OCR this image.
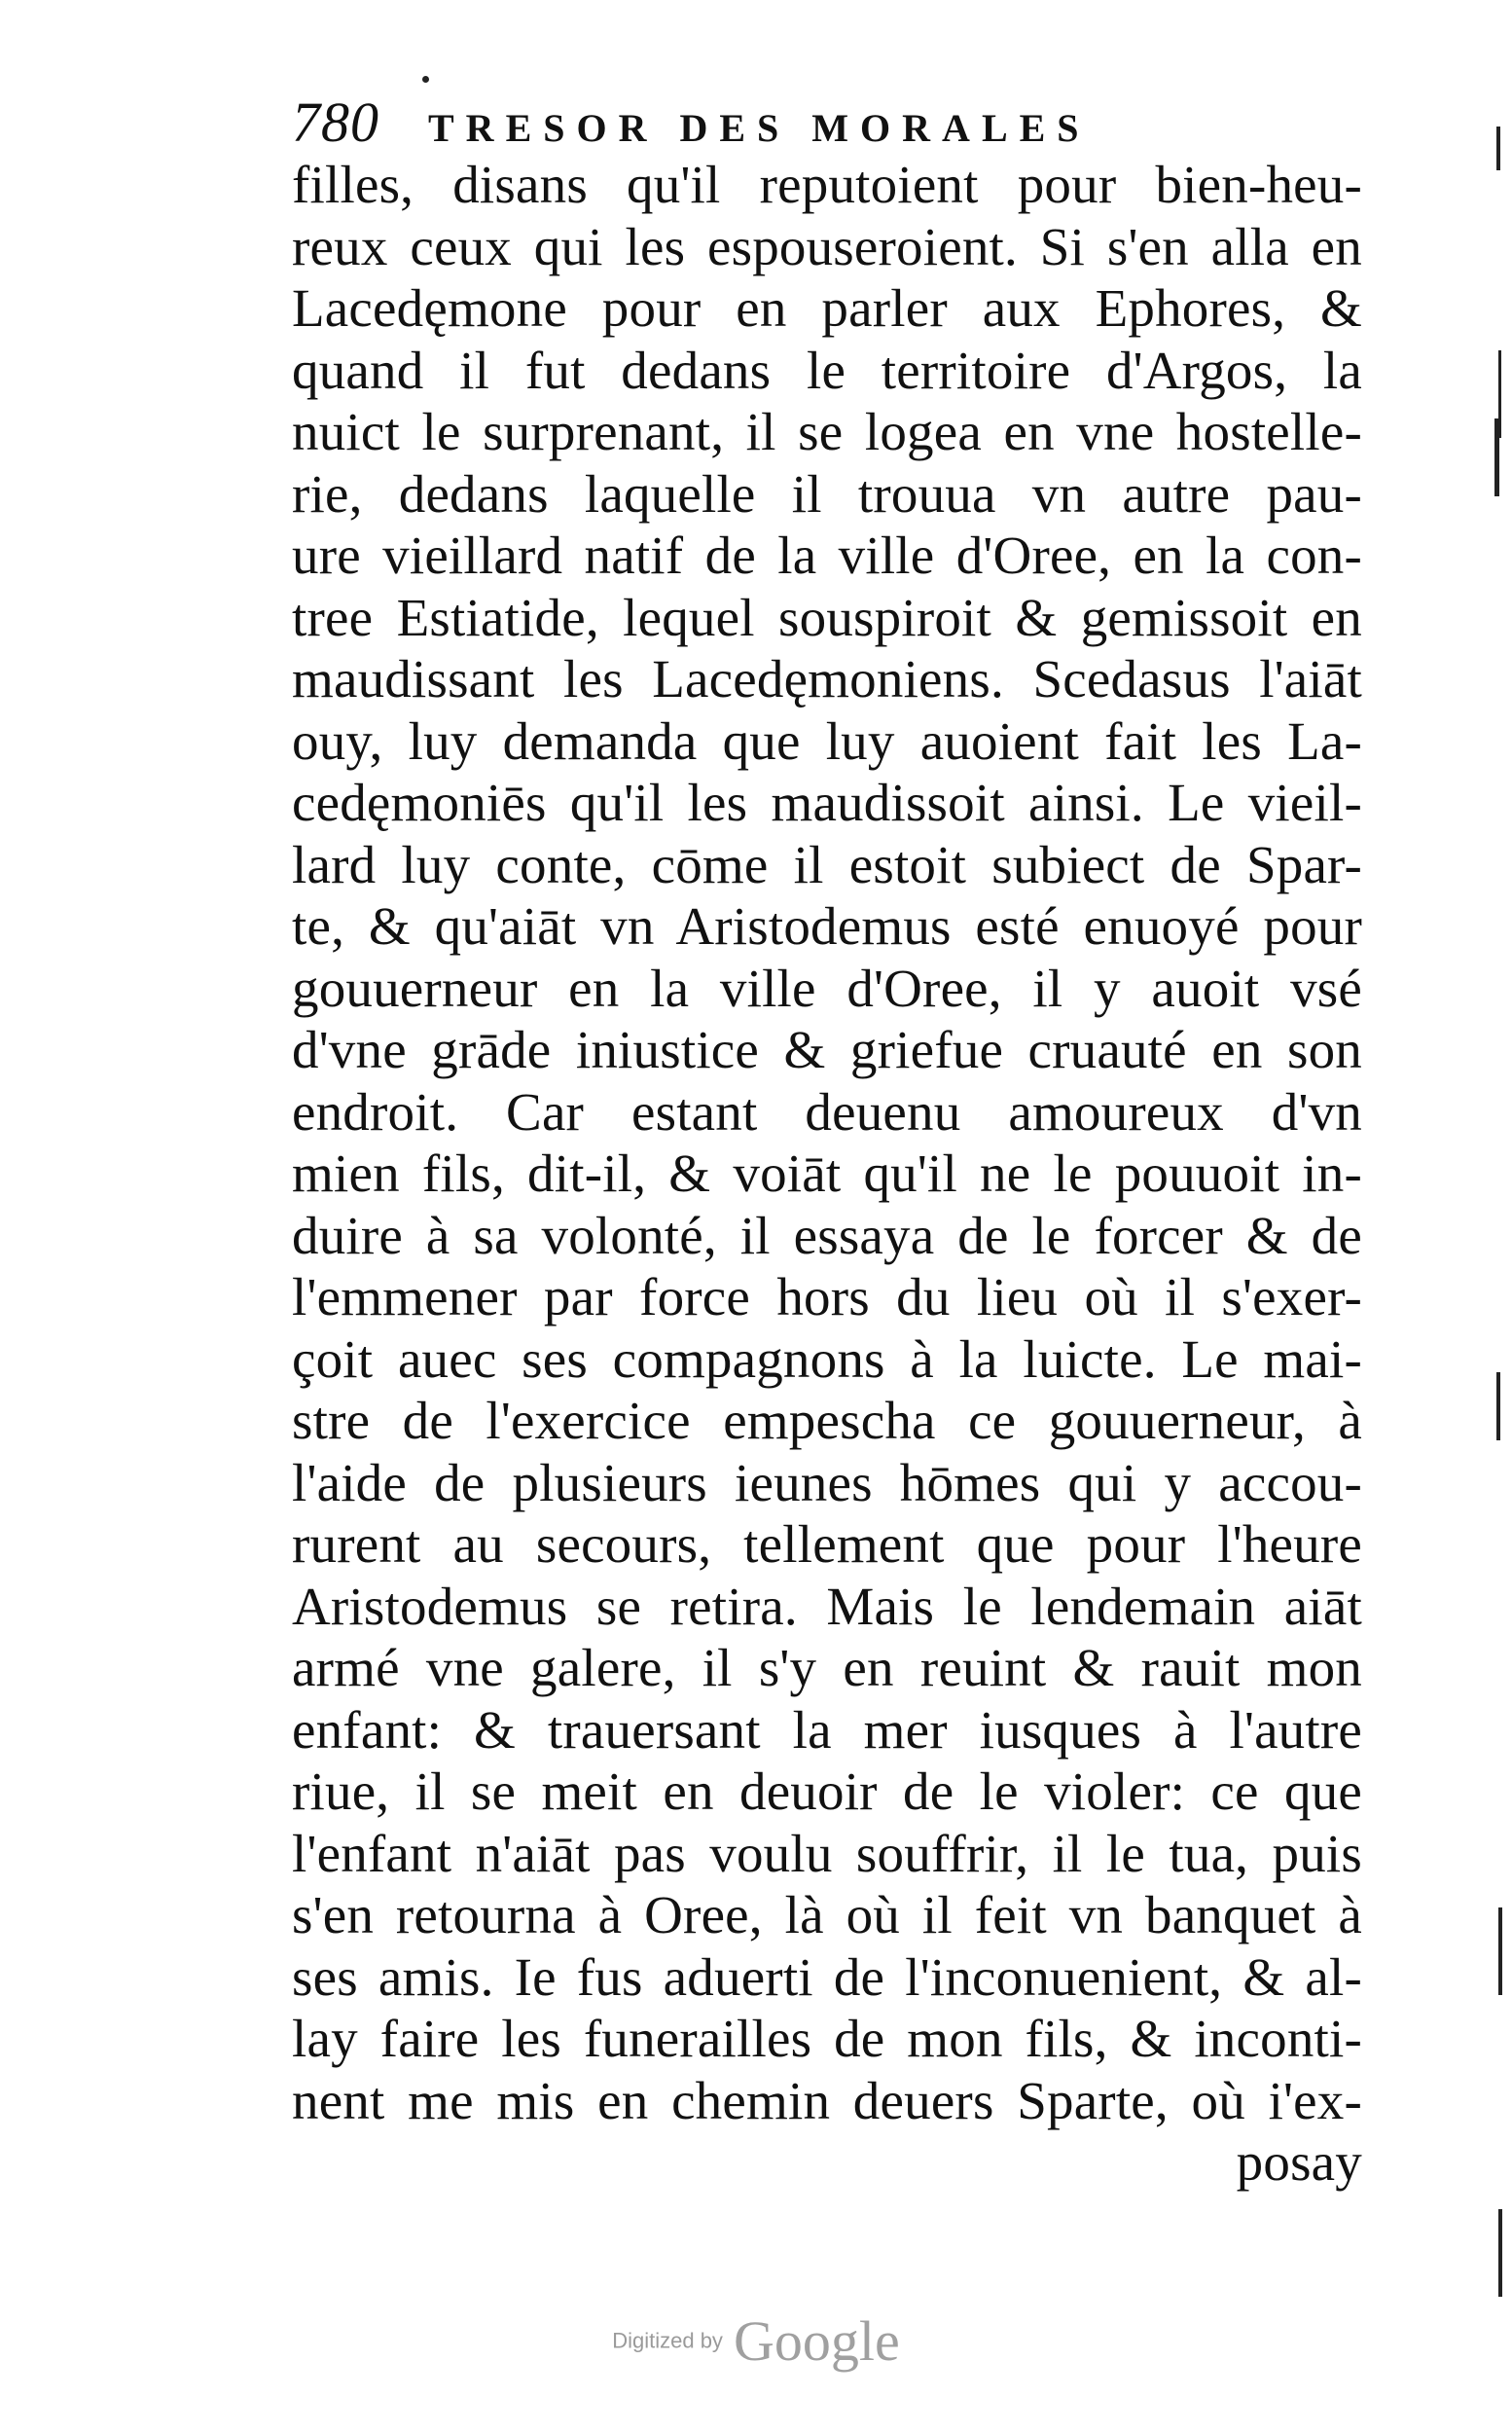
780 TRESOR DES MORALES
filles, disans qu'il reputoient pour bien-heu-
reux ceux qui les espouseroient. Si s'en alla en
Lacedęmone pour en parler aux Ephores, &
quand il fut dedans le territoire d'Argos, la
nuict le surprenant, il se logea en vne hostelle-
rie, dedans laquelle il trouua vn autre pau-
ure vieillard natif de la ville d'Oree, en la con-
tree Estiatide, lequel souspiroit & gemissoit en
maudissant les Lacedęmoniens. Scedasus l'aiāt
ouy, luy demanda que luy auoient fait les La-
cedęmoniēs qu'il les maudissoit ainsi. Le vieil-
lard luy conte, cōme il estoit subiect de Spar-
te, & qu'aiāt vn Aristodemus esté enuoyé pour
gouuerneur en la ville d'Oree, il y auoit vsé
d'vne grāde iniustice & griefue cruauté en son
endroit. Car estant deuenu amoureux d'vn
mien fils, dit-il, & voiāt qu'il ne le pouuoit in-
duire à sa volonté, il essaya de le forcer & de
l'emmener par force hors du lieu où il s'exer-
çoit auec ses compagnons à la luicte. Le mai-
stre de l'exercice empescha ce gouuerneur, à
l'aide de plusieurs ieunes hōmes qui y accou-
rurent au secours, tellement que pour l'heure
Aristodemus se retira. Mais le lendemain aiāt
armé vne galere, il s'y en reuint & rauit mon
enfant: & trauersant la mer iusques à l'autre
riue, il se meit en deuoir de le violer: ce que
l'enfant n'aiāt pas voulu souffrir, il le tua, puis
s'en retourna à Oree, là où il feit vn banquet à
ses amis. Ie fus aduerti de l'inconuenient, & al-
lay faire les funerailles de mon fils, & inconti-
nent me mis en chemin deuers Sparte, où i'ex-
posay
Digitized by Google
